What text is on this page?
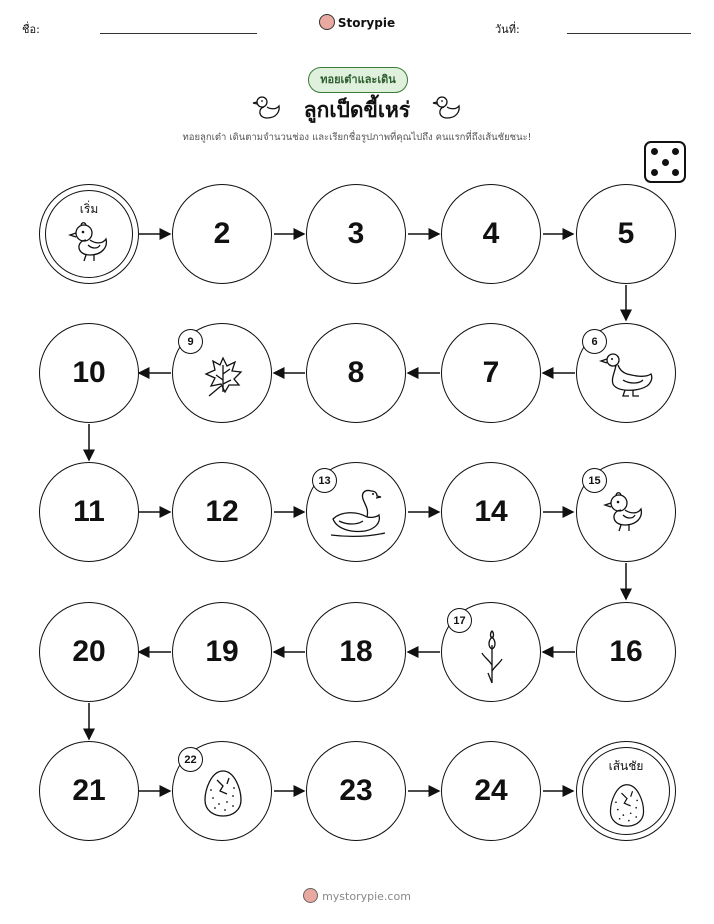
ชื่อ:	Storypie	วันที่:
ทอยเต๋าและเดิน
ลูกเป็ดขี้เหร่
ทอยลูกเต๋า เดินตามจำนวนช่อง และเรียกชื่อรูปภาพที่คุณไปถึง คนแรกที่ถึงเส้นชัยชนะ!
เริ่ม
2	3	4	5
10
9
8	7
6
11	12
13
14
15
20	19	18
17
16
21
22
23	24
เส้นชัย
mystorypie.com
